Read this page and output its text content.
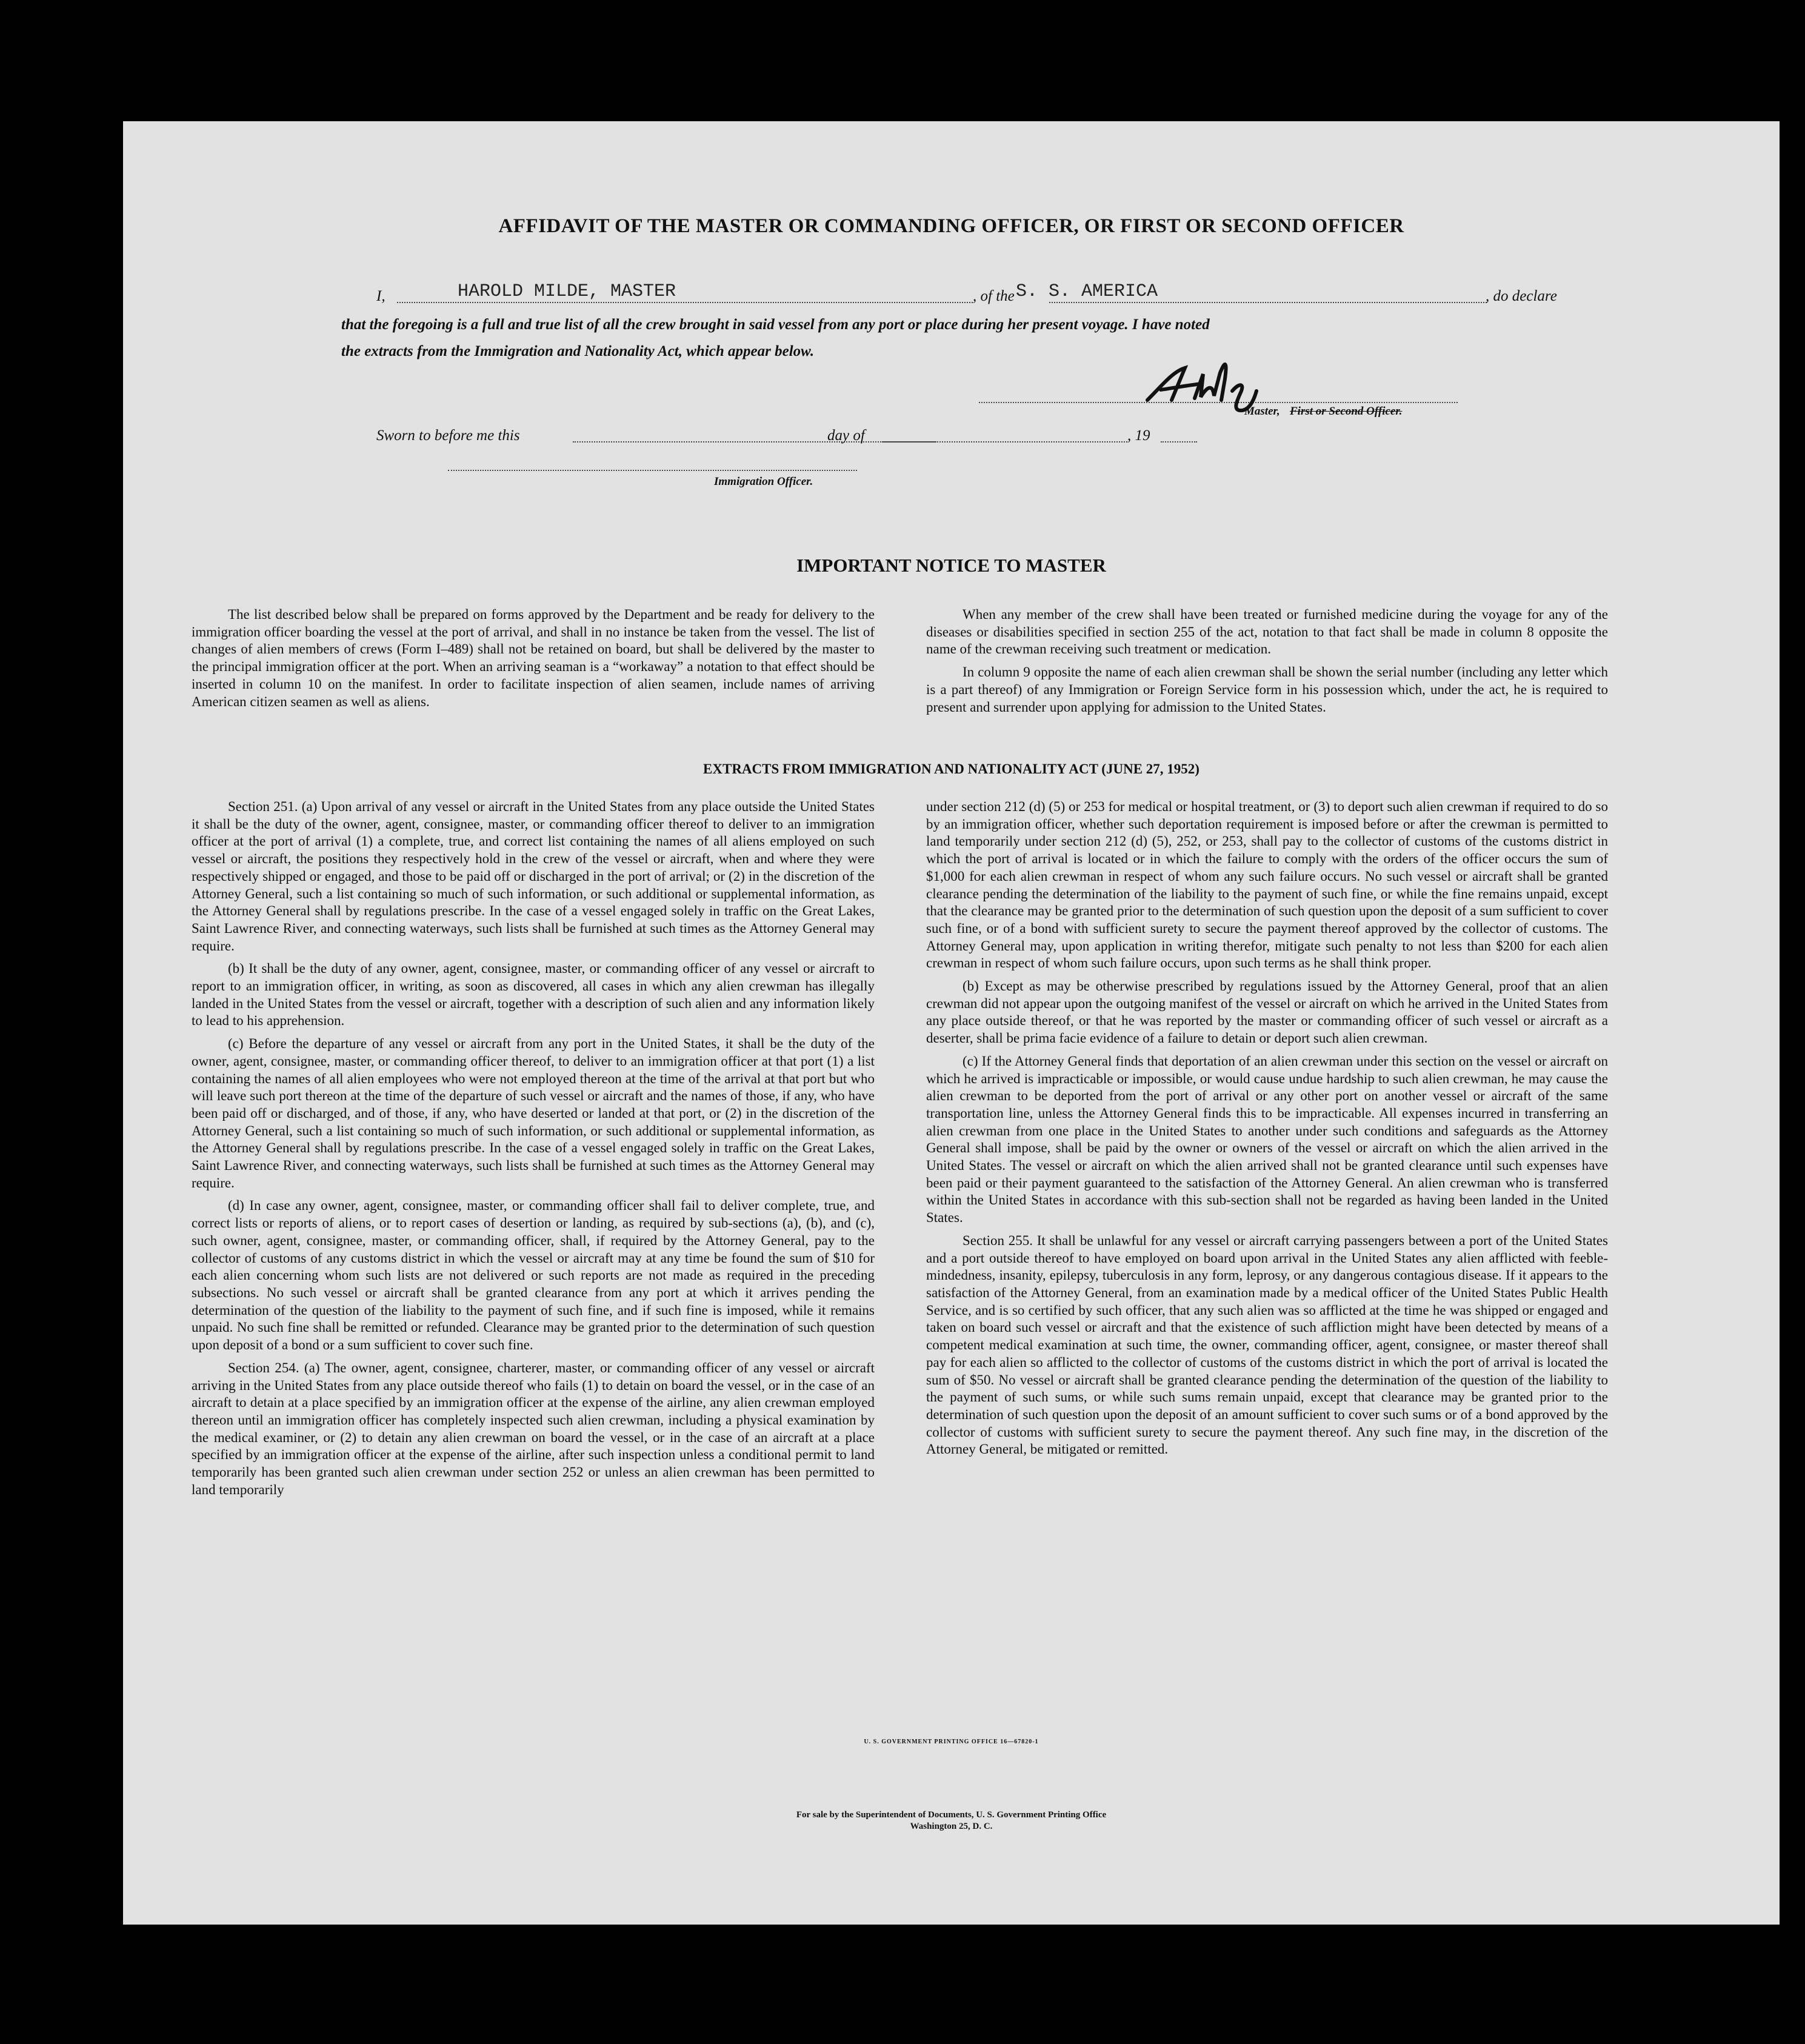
AFFIDAVIT OF THE MASTER OR COMMANDING OFFICER, OR FIRST OR SECOND OFFICER
I,	HAROLD MILDE, MASTER	, of the S. S. AMERICA	, do declare
that the foregoing is a full and true list of all the crew brought in said vessel from any port or place during her present voyage. I have noted
the extracts from the Immigration and Nationality Act, which appear below.
Master, First or Second Officer.
Sworn to before me this	day of	, 19
Immigration Officer.
IMPORTANT NOTICE TO MASTER

The list described below shall be prepared on forms approved by the Department and be ready for delivery to the immigration officer boarding the vessel at the port of arrival, and shall in no instance be taken from the vessel. The list of changes of alien members of crews (Form I–489) shall not be retained on board, but shall be delivered by the master to the principal immigration officer at the port. When an arriving seaman is a “workaway” a notation to that effect should be inserted in column 10 on the manifest. In order to facilitate inspection of alien seamen, include names of arriving American citizen seamen as well as aliens.

When any member of the crew shall have been treated or furnished medicine during the voyage for any of the diseases or disabilities specified in section 255 of the act, notation to that fact shall be made in column 8 opposite the name of the crewman receiving such treatment or medication.

In column 9 opposite the name of each alien crewman shall be shown the serial number (including any letter which is a part thereof) of any Immigration or Foreign Service form in his possession which, under the act, he is required to present and surrender upon applying for admission to the United States.

EXTRACTS FROM IMMIGRATION AND NATIONALITY ACT (JUNE 27, 1952)

Section 251. (a) Upon arrival of any vessel or aircraft in the United States from any place outside the United States it shall be the duty of the owner, agent, consignee, master, or commanding officer thereof to deliver to an immigration officer at the port of arrival (1) a complete, true, and correct list containing the names of all aliens employed on such vessel or aircraft, the positions they respectively hold in the crew of the vessel or aircraft, when and where they were respectively shipped or engaged, and those to be paid off or discharged in the port of arrival; or (2) in the discretion of the Attorney General, such a list containing so much of such information, or such additional or supplemental information, as the Attorney General shall by regulations prescribe. In the case of a vessel engaged solely in traffic on the Great Lakes, Saint Lawrence River, and connecting waterways, such lists shall be furnished at such times as the Attorney General may require.

(b) It shall be the duty of any owner, agent, consignee, master, or commanding officer of any vessel or aircraft to report to an immigration officer, in writing, as soon as discovered, all cases in which any alien crewman has illegally landed in the United States from the vessel or aircraft, together with a description of such alien and any information likely to lead to his apprehension.

(c) Before the departure of any vessel or aircraft from any port in the United States, it shall be the duty of the owner, agent, consignee, master, or commanding officer thereof, to deliver to an immigration officer at that port (1) a list containing the names of all alien employees who were not employed thereon at the time of the arrival at that port but who will leave such port thereon at the time of the departure of such vessel or aircraft and the names of those, if any, who have been paid off or discharged, and of those, if any, who have deserted or landed at that port, or (2) in the discretion of the Attorney General, such a list containing so much of such information, or such additional or supplemental information, as the Attorney General shall by regulations prescribe. In the case of a vessel engaged solely in traffic on the Great Lakes, Saint Lawrence River, and connecting waterways, such lists shall be furnished at such times as the Attorney General may require.

(d) In case any owner, agent, consignee, master, or commanding officer shall fail to deliver complete, true, and correct lists or reports of aliens, or to report cases of desertion or landing, as required by sub-sections (a), (b), and (c), such owner, agent, consignee, master, or commanding officer, shall, if required by the Attorney General, pay to the collector of customs of any customs district in which the vessel or aircraft may at any time be found the sum of $10 for each alien concerning whom such lists are not delivered or such reports are not made as required in the preceding subsections. No such vessel or aircraft shall be granted clearance from any port at which it arrives pending the determination of the question of the liability to the payment of such fine, and if such fine is imposed, while it remains unpaid. No such fine shall be remitted or refunded. Clearance may be granted prior to the determination of such question upon deposit of a bond or a sum sufficient to cover such fine.

Section 254. (a) The owner, agent, consignee, charterer, master, or commanding officer of any vessel or aircraft arriving in the United States from any place outside thereof who fails (1) to detain on board the vessel, or in the case of an aircraft to detain at a place specified by an immigration officer at the expense of the airline, any alien crewman employed thereon until an immigration officer has completely inspected such alien crewman, including a physical examination by the medical examiner, or (2) to detain any alien crewman on board the vessel, or in the case of an aircraft at a place specified by an immigration officer at the expense of the airline, after such inspection unless a conditional permit to land temporarily has been granted such alien crewman under section 252 or unless an alien crewman has been permitted to land temporarily

under section 212 (d) (5) or 253 for medical or hospital treatment, or (3) to deport such alien crewman if required to do so by an immigration officer, whether such deportation requirement is imposed before or after the crewman is permitted to land temporarily under section 212 (d) (5), 252, or 253, shall pay to the collector of customs of the customs district in which the port of arrival is located or in which the failure to comply with the orders of the officer occurs the sum of $1,000 for each alien crewman in respect of whom any such failure occurs. No such vessel or aircraft shall be granted clearance pending the determination of the liability to the payment of such fine, or while the fine remains unpaid, except that the clearance may be granted prior to the determination of such question upon the deposit of a sum sufficient to cover such fine, or of a bond with sufficient surety to secure the payment thereof approved by the collector of customs. The Attorney General may, upon application in writing therefor, mitigate such penalty to not less than $200 for each alien crewman in respect of whom such failure occurs, upon such terms as he shall think proper.

(b) Except as may be otherwise prescribed by regulations issued by the Attorney General, proof that an alien crewman did not appear upon the outgoing manifest of the vessel or aircraft on which he arrived in the United States from any place outside thereof, or that he was reported by the master or commanding officer of such vessel or aircraft as a deserter, shall be prima facie evidence of a failure to detain or deport such alien crewman.

(c) If the Attorney General finds that deportation of an alien crewman under this section on the vessel or aircraft on which he arrived is impracticable or impossible, or would cause undue hardship to such alien crewman, he may cause the alien crewman to be deported from the port of arrival or any other port on another vessel or aircraft of the same transportation line, unless the Attorney General finds this to be impracticable. All expenses incurred in transferring an alien crewman from one place in the United States to another under such conditions and safeguards as the Attorney General shall impose, shall be paid by the owner or owners of the vessel or aircraft on which the alien arrived in the United States. The vessel or aircraft on which the alien arrived shall not be granted clearance until such expenses have been paid or their payment guaranteed to the satisfaction of the Attorney General. An alien crewman who is transferred within the United States in accordance with this sub-section shall not be regarded as having been landed in the United States.

Section 255. It shall be unlawful for any vessel or aircraft carrying passengers between a port of the United States and a port outside thereof to have employed on board upon arrival in the United States any alien afflicted with feeble-mindedness, insanity, epilepsy, tuberculosis in any form, leprosy, or any dangerous contagious disease. If it appears to the satisfaction of the Attorney General, from an examination made by a medical officer of the United States Public Health Service, and is so certified by such officer, that any such alien was so afflicted at the time he was shipped or engaged and taken on board such vessel or aircraft and that the existence of such affliction might have been detected by means of a competent medical examination at such time, the owner, commanding officer, agent, consignee, or master thereof shall pay for each alien so afflicted to the collector of customs of the customs district in which the port of arrival is located the sum of $50. No vessel or aircraft shall be granted clearance pending the determination of the question of the liability to the payment of such sums, or while such sums remain unpaid, except that clearance may be granted prior to the determination of such question upon the deposit of an amount sufficient to cover such sums or of a bond approved by the collector of customs with sufficient surety to secure the payment thereof. Any such fine may, in the discretion of the Attorney General, be mitigated or remitted.

U. S. GOVERNMENT PRINTING OFFICE 16—67820-1
For sale by the Superintendent of Documents, U. S. Government Printing Office
Washington 25, D. C.
